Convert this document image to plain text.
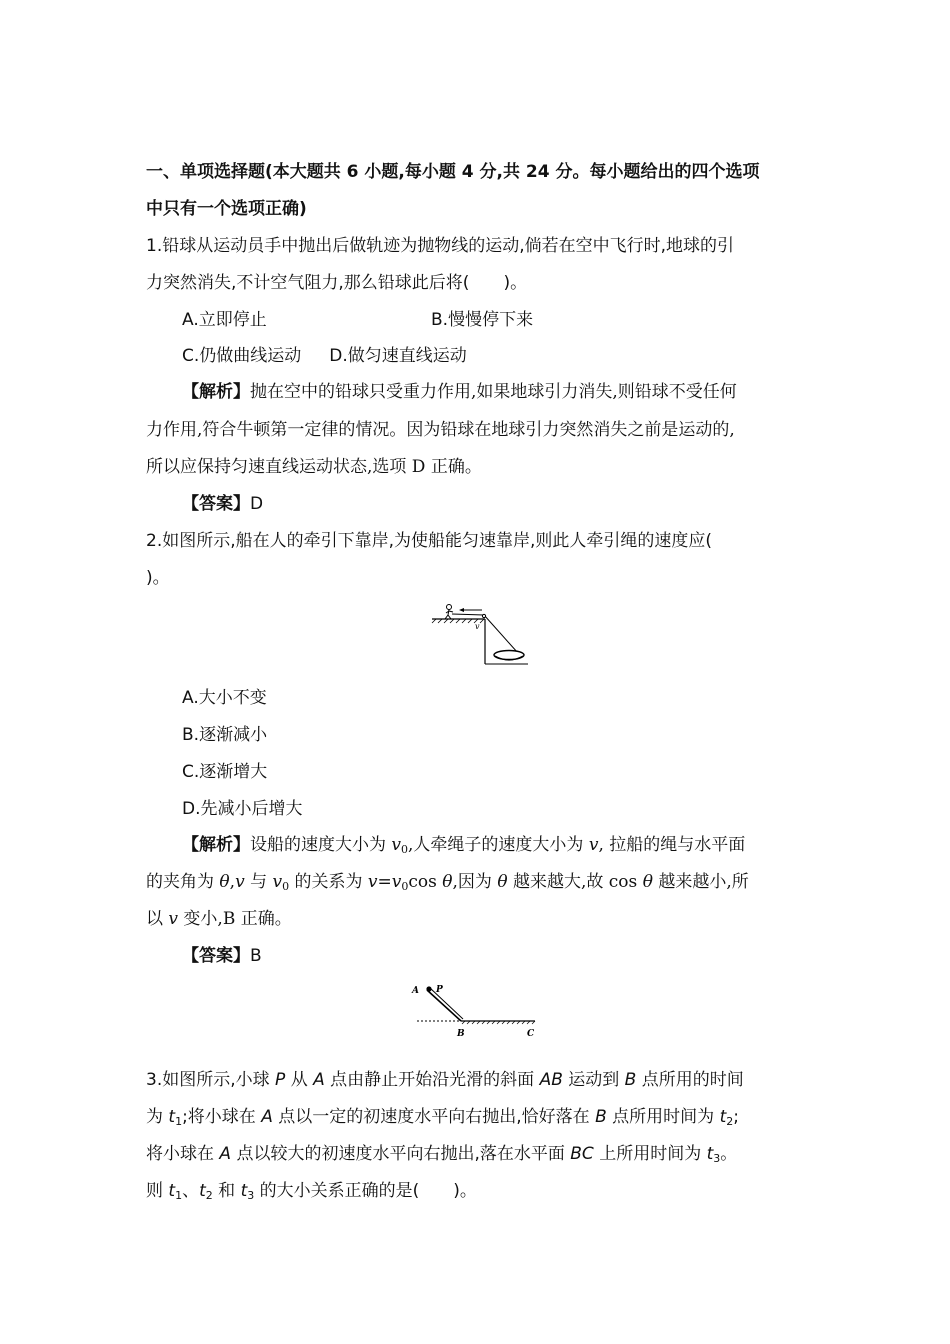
一、单项选择题(本大题共 6 小题,每小题 4 分,共 24 分。每小题给出的四个选项
中只有一个选项正确)
1.铅球从运动员手中抛出后做轨迹为抛物线的运动,倘若在空中飞行时,地球的引
力突然消失,不计空气阻力,那么铅球此后将(　　)。
A.立即停止	B.慢慢停下来
C.仍做曲线运动 D.做匀速直线运动
【解析】抛在空中的铅球只受重力作用,如果地球引力消失,则铅球不受任何
力作用,符合牛顿第一定律的情况。因为铅球在地球引力突然消失之前是运动的,
所以应保持匀速直线运动状态,选项 D 正确。
【答案】D
2.如图所示,船在人的牵引下靠岸,为使船能匀速靠岸,则此人牵引绳的速度应(
)。
v
A.大小不变
B.逐渐减小
C.逐渐增大
D.先减小后增大
【解析】设船的速度大小为 $v_0$,人牵绳子的速度大小为 v, 拉船的绳与水平面
的夹角为 θ,v 与 $v_0$ 的关系为 $v=v_0\cos$ θ,因为 θ 越来越大,故 cos θ 越来越小,所
以 v 变小,B 正确。
【答案】B
A P
B	C
3.如图所示,小球 P 从 A 点由静止开始沿光滑的斜面 AB 运动到 B 点所用的时间
为 $t_1$;将小球在 A 点以一定的初速度水平向右抛出,恰好落在 B 点所用时间为 $t_2$;
将小球在 A 点以较大的初速度水平向右抛出,落在水平面 BC 上所用时间为 $t_3$。
则 $t_1$、$t_2$ 和 $t_3$ 的大小关系正确的是(　　)。
